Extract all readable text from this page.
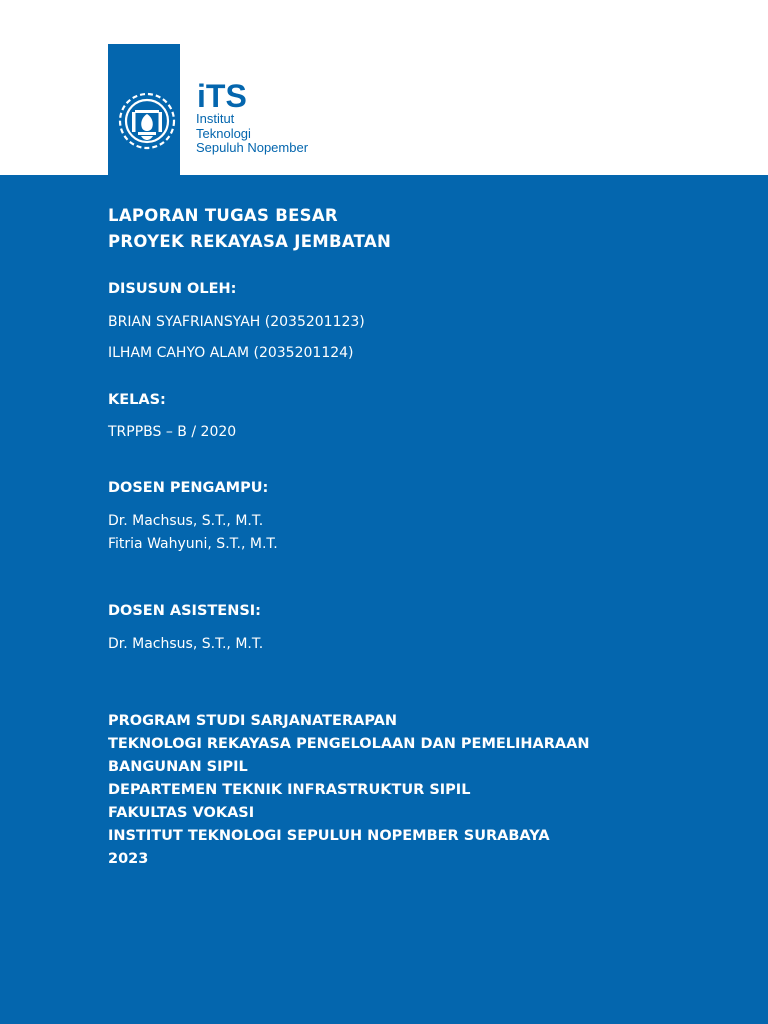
iTS
Institut
Teknologi
Sepuluh Nopember
LAPORAN TUGAS BESAR
PROYEK REKAYASA JEMBATAN
DISUSUN OLEH:
BRIAN SYAFRIANSYAH (2035201123)
ILHAM CAHYO ALAM (2035201124)
KELAS:
TRPPBS – B / 2020
DOSEN PENGAMPU:
Dr. Machsus, S.T., M.T.
Fitria Wahyuni, S.T., M.T.
DOSEN ASISTENSI:
Dr. Machsus, S.T., M.T.
PROGRAM STUDI SARJANATERAPAN
TEKNOLOGI REKAYASA PENGELOLAAN DAN PEMELIHARAAN
BANGUNAN SIPIL
DEPARTEMEN TEKNIK INFRASTRUKTUR SIPIL
FAKULTAS VOKASI
INSTITUT TEKNOLOGI SEPULUH NOPEMBER SURABAYA
2023
